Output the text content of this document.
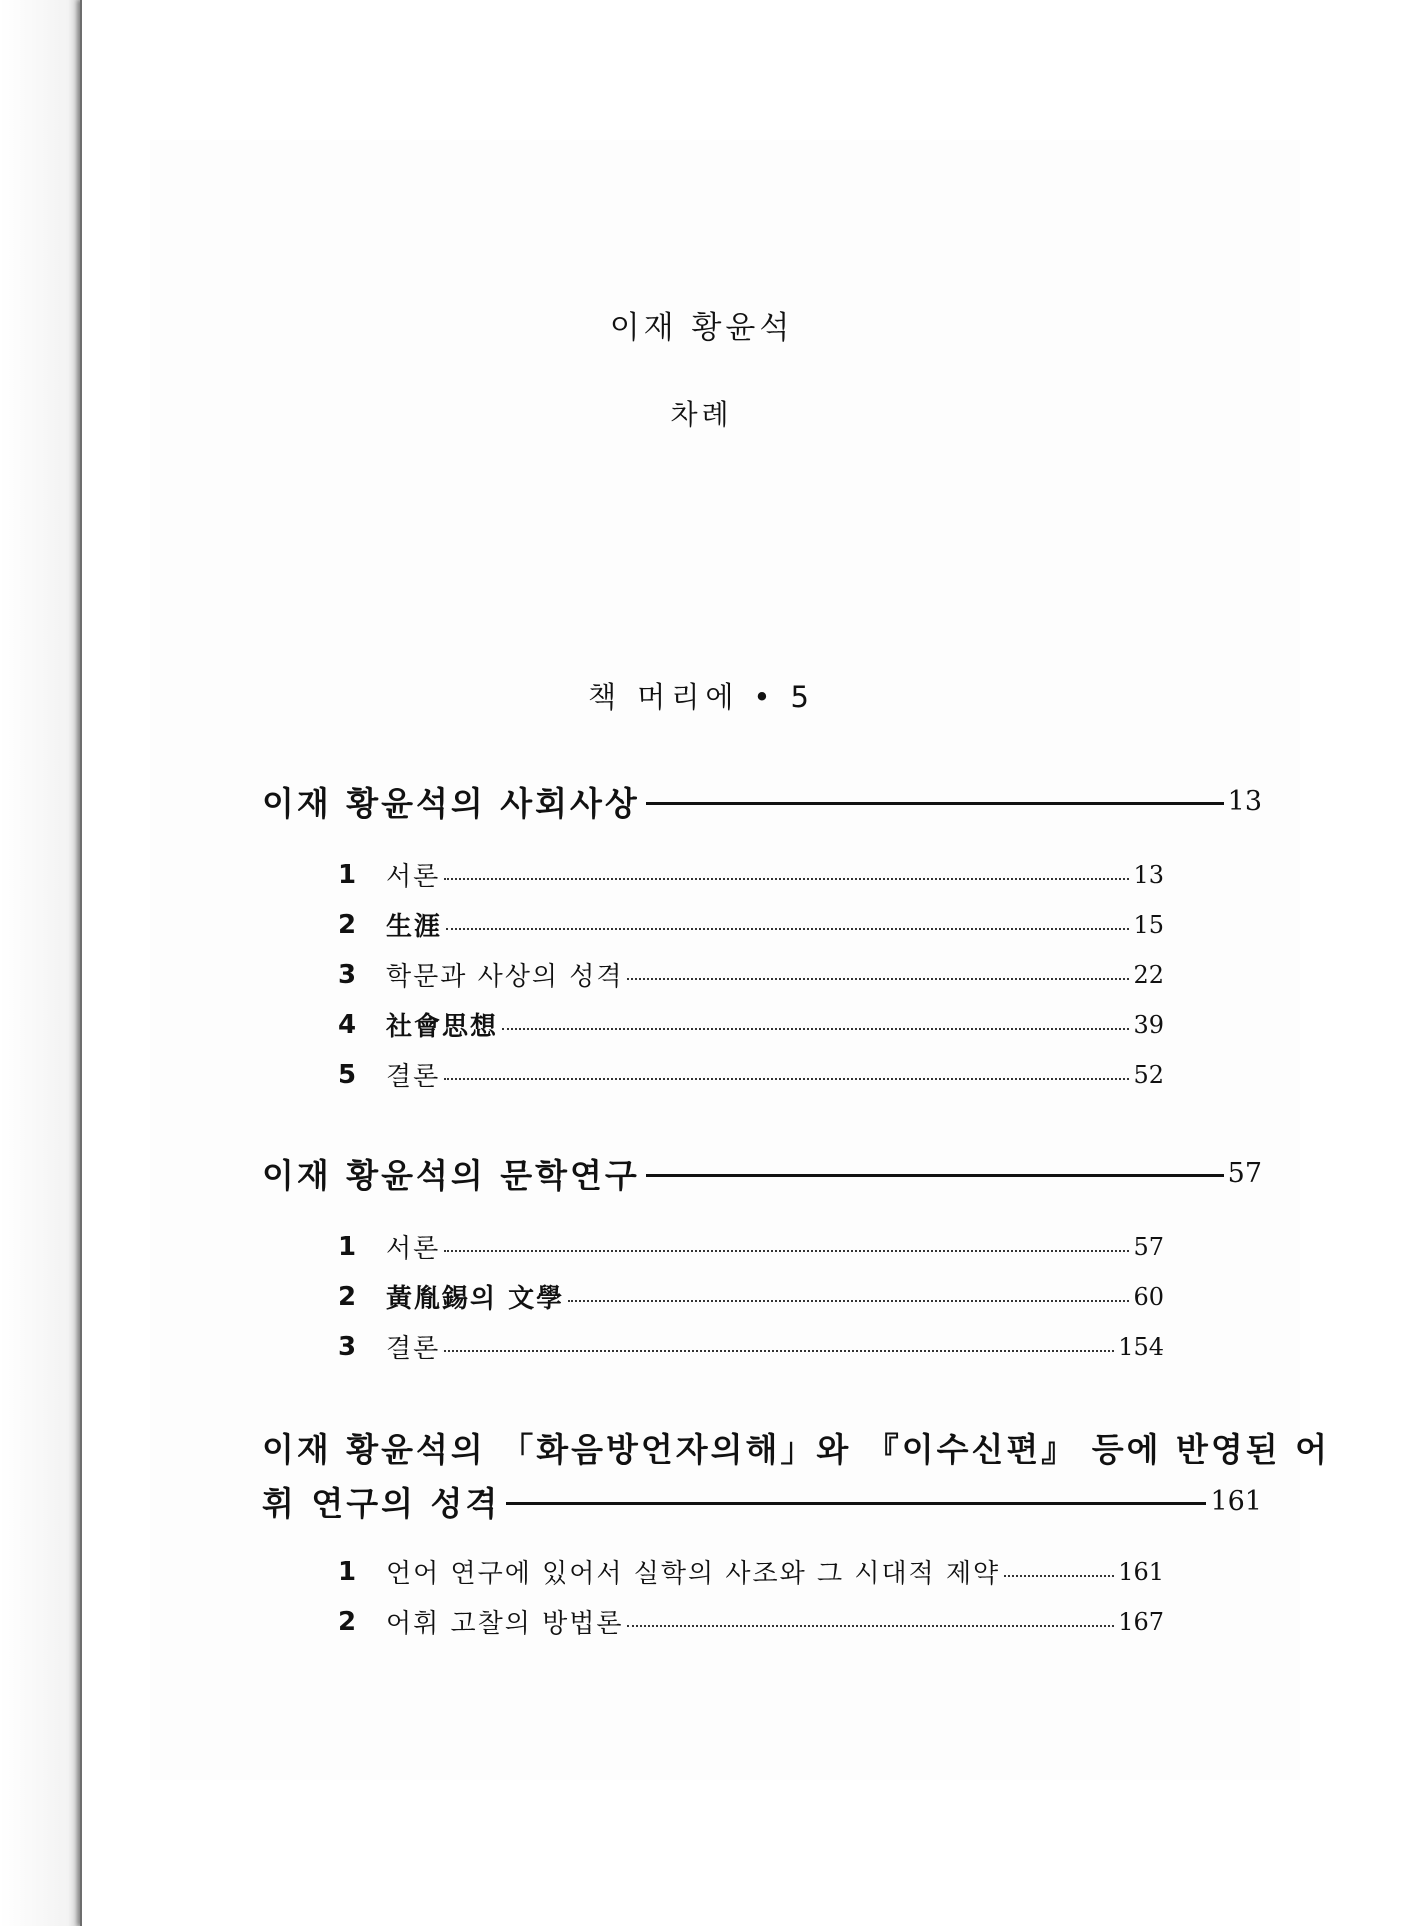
이재 황윤석
차례
책 머리에 • 5
이재 황윤석의 사회사상	13
1	서론	13
2	生涯	15
3	학문과 사상의 성격	22
4	社會思想	39
5	결론	52
이재 황윤석의 문학연구	57
1	서론	57
2	黃胤錫의 文學	60
3	결론	154
이재 황윤석의 「화음방언자의해」와 『이수신편』 등에 반영된 어
휘 연구의 성격	161
1	언어 연구에 있어서 실학의 사조와 그 시대적 제약	161
2	어휘 고찰의 방법론	167
